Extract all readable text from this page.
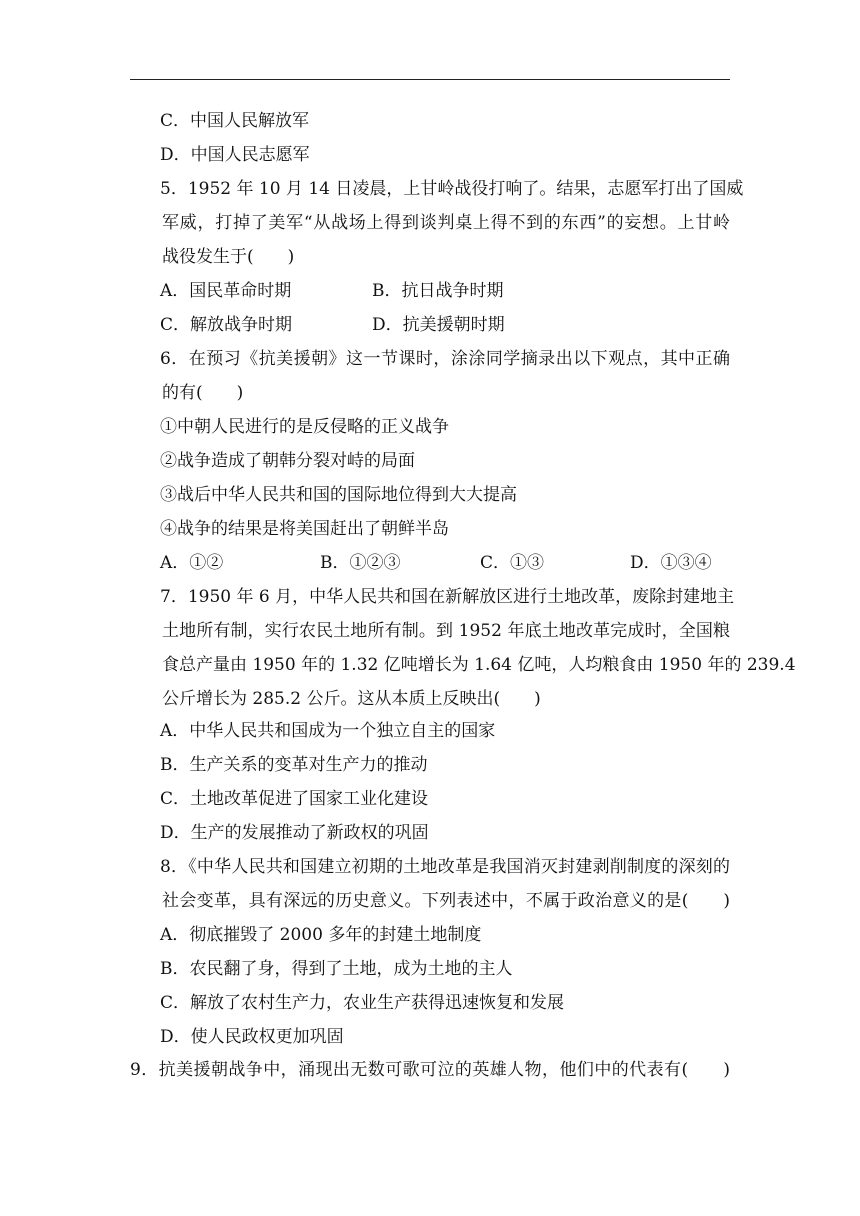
C．中国人民解放军
D．中国人民志愿军
5．1952 年 10 月 14 日凌晨，上甘岭战役打响了。结果，志愿军打出了国威
军威，打掉了美军“从战场上得到谈判桌上得不到的东西”的妄想。上甘岭
战役发生于(　　)
A．国民革命时期	B．抗日战争时期
C．解放战争时期	D．抗美援朝时期
6．在预习《抗美援朝》这一节课时，涂涂同学摘录出以下观点，其中正确
的有(　　)
①中朝人民进行的是反侵略的正义战争
②战争造成了朝韩分裂对峙的局面
③战后中华人民共和国的国际地位得到大大提高
④战争的结果是将美国赶出了朝鲜半岛
A．①②	B．①②③	C．①③	D．①③④
7．1950 年 6 月，中华人民共和国在新解放区进行土地改革，废除封建地主
土地所有制，实行农民土地所有制。到 1952 年底土地改革完成时，全国粮
食总产量由 1950 年的 1.32 亿吨增长为 1.64 亿吨，人均粮食由 1950 年的 239.4
公斤增长为 285.2 公斤。这从本质上反映出(　　)
A．中华人民共和国成为一个独立自主的国家
B．生产关系的变革对生产力的推动
C．土地改革促进了国家工业化建设
D．生产的发展推动了新政权的巩固
8．《中华人民共和国建立初期的土地改革是我国消灭封建剥削制度的深刻的
社会变革，具有深远的历史意义。下列表述中，不属于政治意义的是(　　)
A．彻底摧毁了 2000 多年的封建土地制度
B．农民翻了身，得到了土地，成为土地的主人
C．解放了农村生产力，农业生产获得迅速恢复和发展
D．使人民政权更加巩固
9．抗美援朝战争中，涌现出无数可歌可泣的英雄人物，他们中的代表有(　　)
